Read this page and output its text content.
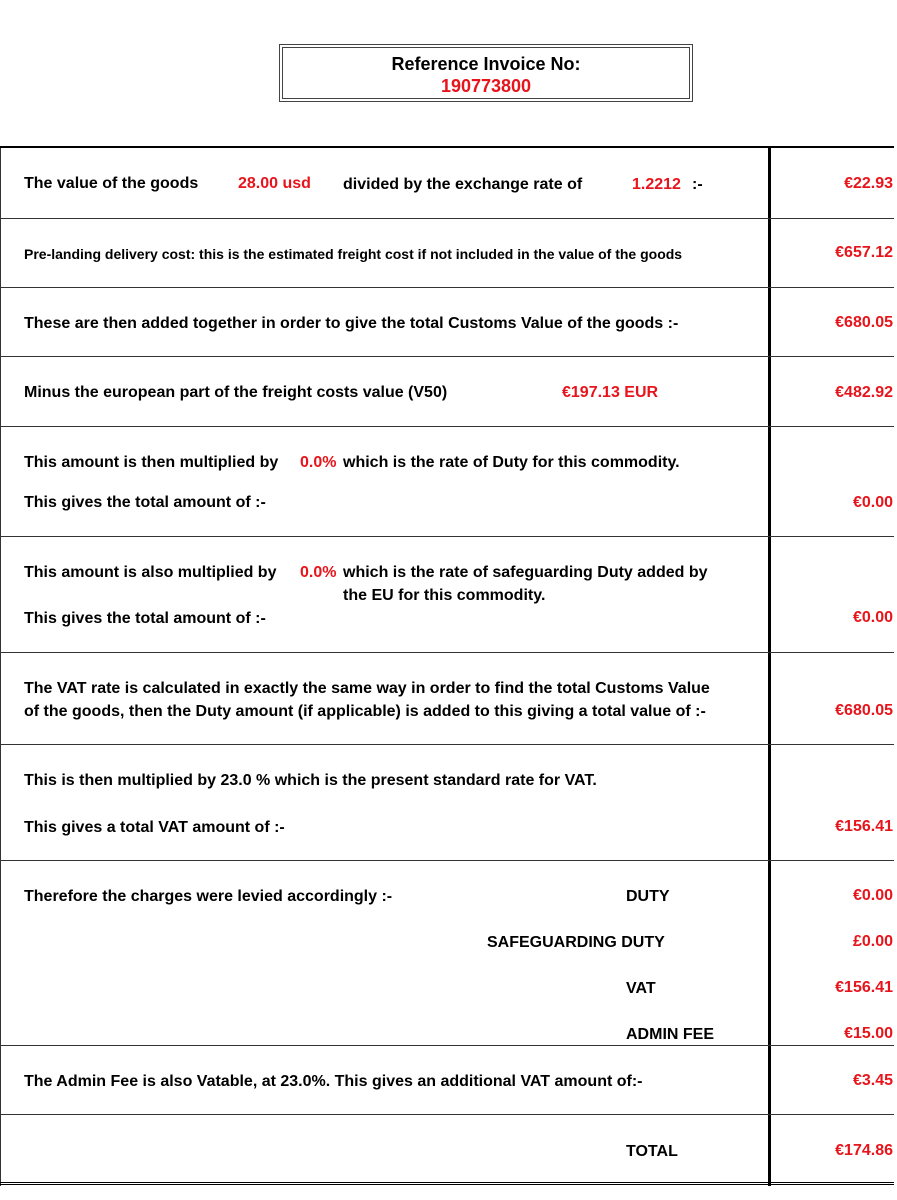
Reference Invoice No:
190773800
The value of the goods 28.00 usd divided by the exchange rate of	1.2212 :-	€22.93
Pre-landing delivery cost: this is the estimated freight cost if not included in the value of the goods	€657.12
These are then added together in order to give the total Customs Value of the goods :-	€680.05
Minus the european part of the freight costs value (V50)	€197.13 EUR	€482.92
This amount is then multiplied by 0.0% which is the rate of Duty for this commodity.
This gives the total amount of :-	€0.00
This amount is also multiplied by 0.0% which is the rate of safeguarding Duty added by
the EU for this commodity.
This gives the total amount of :-	€0.00
The VAT rate is calculated in exactly the same way in order to find the total Customs Value
of the goods, then the Duty amount (if applicable) is added to this giving a total value of :-	€680.05
This is then multiplied by 23.0 % which is the present standard rate for VAT.
This gives a total VAT amount of :-	€156.41
Therefore the charges were levied accordingly :-	DUTY	€0.00
SAFEGUARDING DUTY	£0.00
VAT	€156.41
ADMIN FEE	€15.00
The Admin Fee is also Vatable, at 23.0%. This gives an additional VAT amount of:-	€3.45
TOTAL	€174.86
